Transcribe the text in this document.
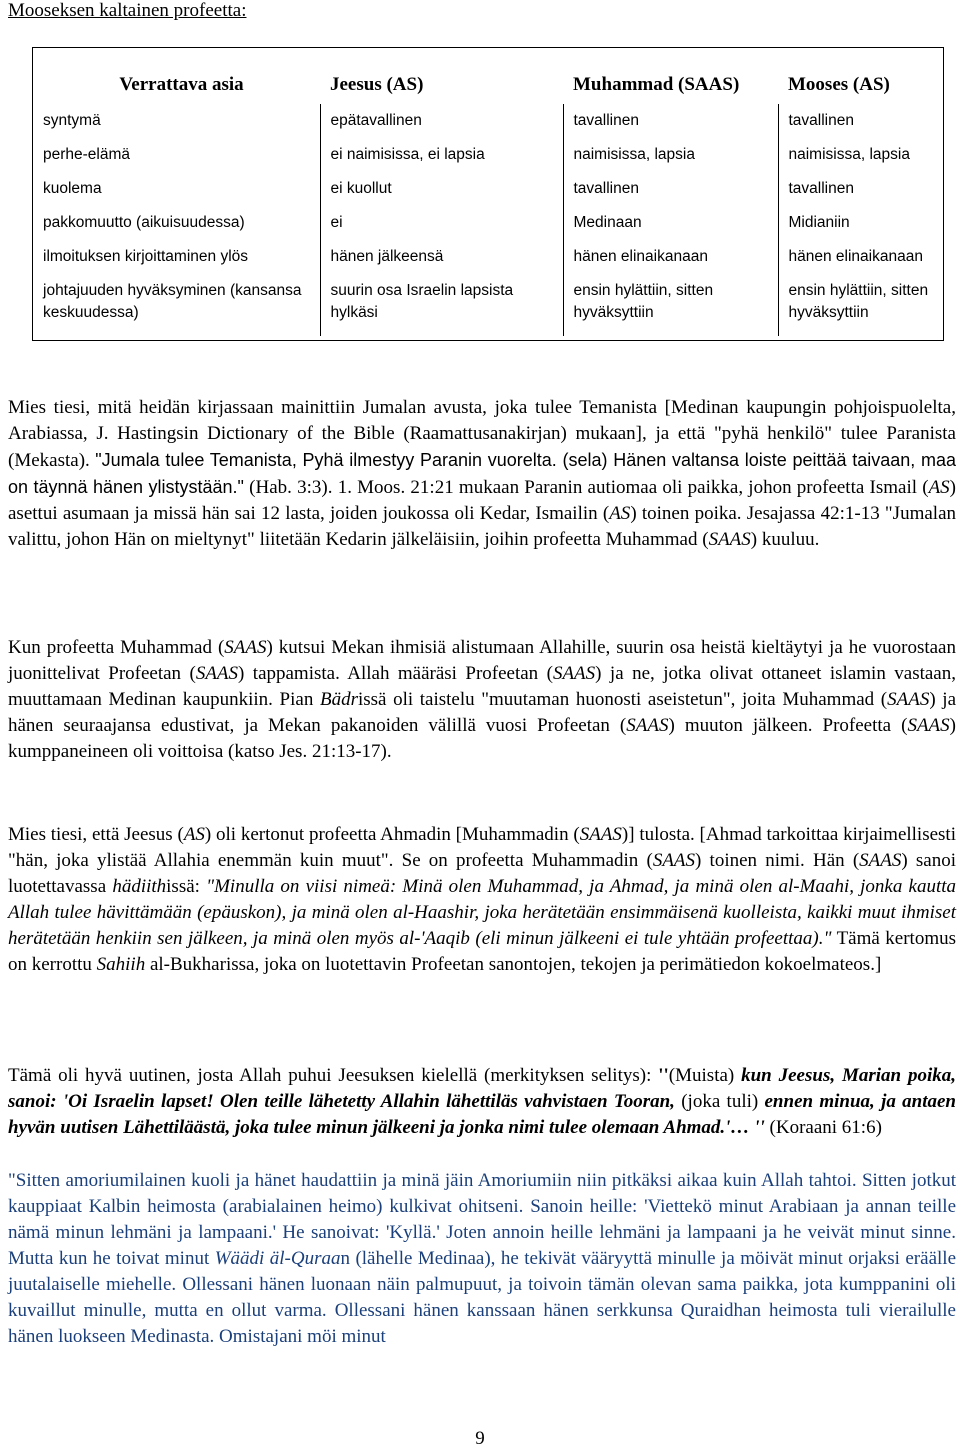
Mooseksen kaltainen profeetta:
Verrattava asia	Jeesus (AS)	Muhammad (SAAS)	Mooses (AS)
syntymä	epätavallinen	tavallinen	tavallinen
perhe-elämä	ei naimisissa, ei lapsia	naimisissa, lapsia	naimisissa, lapsia
kuolema	ei kuollut	tavallinen	tavallinen
pakkomuutto (aikuisuudessa)	ei	Medinaan	Midianiin
ilmoituksen kirjoittaminen ylös	hänen jälkeensä	hänen elinaikanaan	hänen elinaikanaan
johtajuuden hyväksyminen (kansansa keskuudessa)	suurin osa Israelin lapsista hylkäsi	ensin hylättiin, sitten hyväksyttiin	ensin hylättiin, sitten hyväksyttiin

Mies tiesi, mitä heidän kirjassaan mainittiin Jumalan avusta, joka tulee Temanista [Medinan kaupungin pohjoispuolelta, Arabiassa, J. Hastingsin Dictionary of the Bible (Raamattusanakirjan) mukaan], ja että "pyhä henkilö" tulee Paranista (Mekasta). "Jumala tulee Temanista, Pyhä ilmestyy Paranin vuorelta. (sela) Hänen valtansa loiste peittää taivaan, maa on täynnä hänen ylistystään." (Hab. 3:3). 1. Moos. 21:21 mukaan Paranin autiomaa oli paikka, johon profeetta Ismail (AS) asettui asumaan ja missä hän sai 12 lasta, joiden joukossa oli Kedar, Ismailin (AS) toinen poika. Jesajassa 42:1-13 "Jumalan valittu, johon Hän on mieltynyt" liitetään Kedarin jälkeläisiin, joihin profeetta Muhammad (SAAS) kuuluu.

Kun profeetta Muhammad (SAAS) kutsui Mekan ihmisiä alistumaan Allahille, suurin osa heistä kieltäytyi ja he vuorostaan juonittelivat Profeetan (SAAS) tappamista. Allah määräsi Profeetan (SAAS) ja ne, jotka olivat ottaneet islamin vastaan, muuttamaan Medinan kaupunkiin. Pian Bädrissä oli taistelu "muutaman huonosti aseistetun", joita Muhammad (SAAS) ja hänen seuraajansa edustivat, ja Mekan pakanoiden välillä vuosi Profeetan (SAAS) muuton jälkeen. Profeetta (SAAS) kumppaneineen oli voittoisa (katso Jes. 21:13-17).

Mies tiesi, että Jeesus (AS) oli kertonut profeetta Ahmadin [Muhammadin (SAAS)] tulosta. [Ahmad tarkoittaa kirjaimellisesti "hän, joka ylistää Allahia enemmän kuin muut". Se on profeetta Muhammadin (SAAS) toinen nimi. Hän (SAAS) sanoi luotettavassa hädiithissä: "Minulla on viisi nimeä: Minä olen Muhammad, ja Ahmad, ja minä olen al-Maahi, jonka kautta Allah tulee hävittämään (epäuskon), ja minä olen al-Haashir, joka herätetään ensimmäisenä kuolleista, kaikki muut ihmiset herätetään henkiin sen jälkeen, ja minä olen myös al-'Aaqib (eli minun jälkeeni ei tule yhtään profeettaa)." Tämä kertomus on kerrottu Sahiih al-Bukharissa, joka on luotettavin Profeetan sanontojen, tekojen ja perimätiedon kokoelmateos.]

Tämä oli hyvä uutinen, josta Allah puhui Jeesuksen kielellä (merkityksen selitys): ''(Muista) kun Jeesus, Marian poika, sanoi: 'Oi Israelin lapset! Olen teille lähetetty Allahin lähettiläs vahvistaen Tooran, (joka tuli) ennen minua, ja antaen hyvän uutisen Lähettiläästä, joka tulee minun jälkeeni ja jonka nimi tulee olemaan Ahmad.'… '' (Koraani 61:6)

"Sitten amoriumilainen kuoli ja hänet haudattiin ja minä jäin Amoriumiin niin pitkäksi aikaa kuin Allah tahtoi. Sitten jotkut kauppiaat Kalbin heimosta (arabialainen heimo) kulkivat ohitseni. Sanoin heille: 'Viettekö minut Arabiaan ja annan teille nämä minun lehmäni ja lampaani.' He sanoivat: 'Kyllä.' Joten annoin heille lehmäni ja lampaani ja he veivät minut sinne. Mutta kun he toivat minut Wäädi äl-Quraan (lähelle Medinaa), he tekivät vääryyttä minulle ja möivät minut orjaksi eräälle juutalaiselle miehelle. Ollessani hänen luonaan näin palmupuut, ja toivoin tämän olevan sama paikka, jota kumppanini oli kuvaillut minulle, mutta en ollut varma. Ollessani hänen kanssaan hänen serkkunsa Quraidhan heimosta tuli vierailulle hänen luokseen Medinasta. Omistajani möi minut

9
